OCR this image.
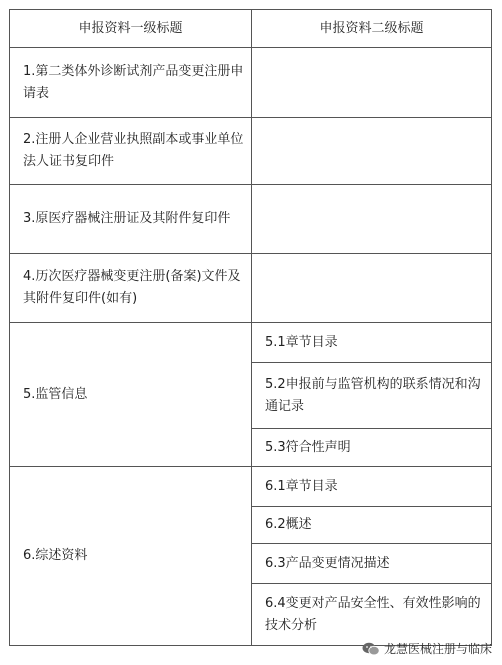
申报资料一级标题	申报资料二级标题
1.第二类体外诊断试剂产品变更注册申请表	
2.注册人企业营业执照副本或事业单位法人证书复印件	
3.原医疗器械注册证及其附件复印件	
4.历次医疗器械变更注册(备案)文件及其附件复印件(如有)	
5.监管信息	5.1章节目录
	5.2申报前与监管机构的联系情况和沟通记录
	5.3符合性声明
6.综述资料	6.1章节目录
	6.2概述
	6.3产品变更情况描述
	6.4变更对产品安全性、有效性影响的技术分析
龙慧医械注册与临床
